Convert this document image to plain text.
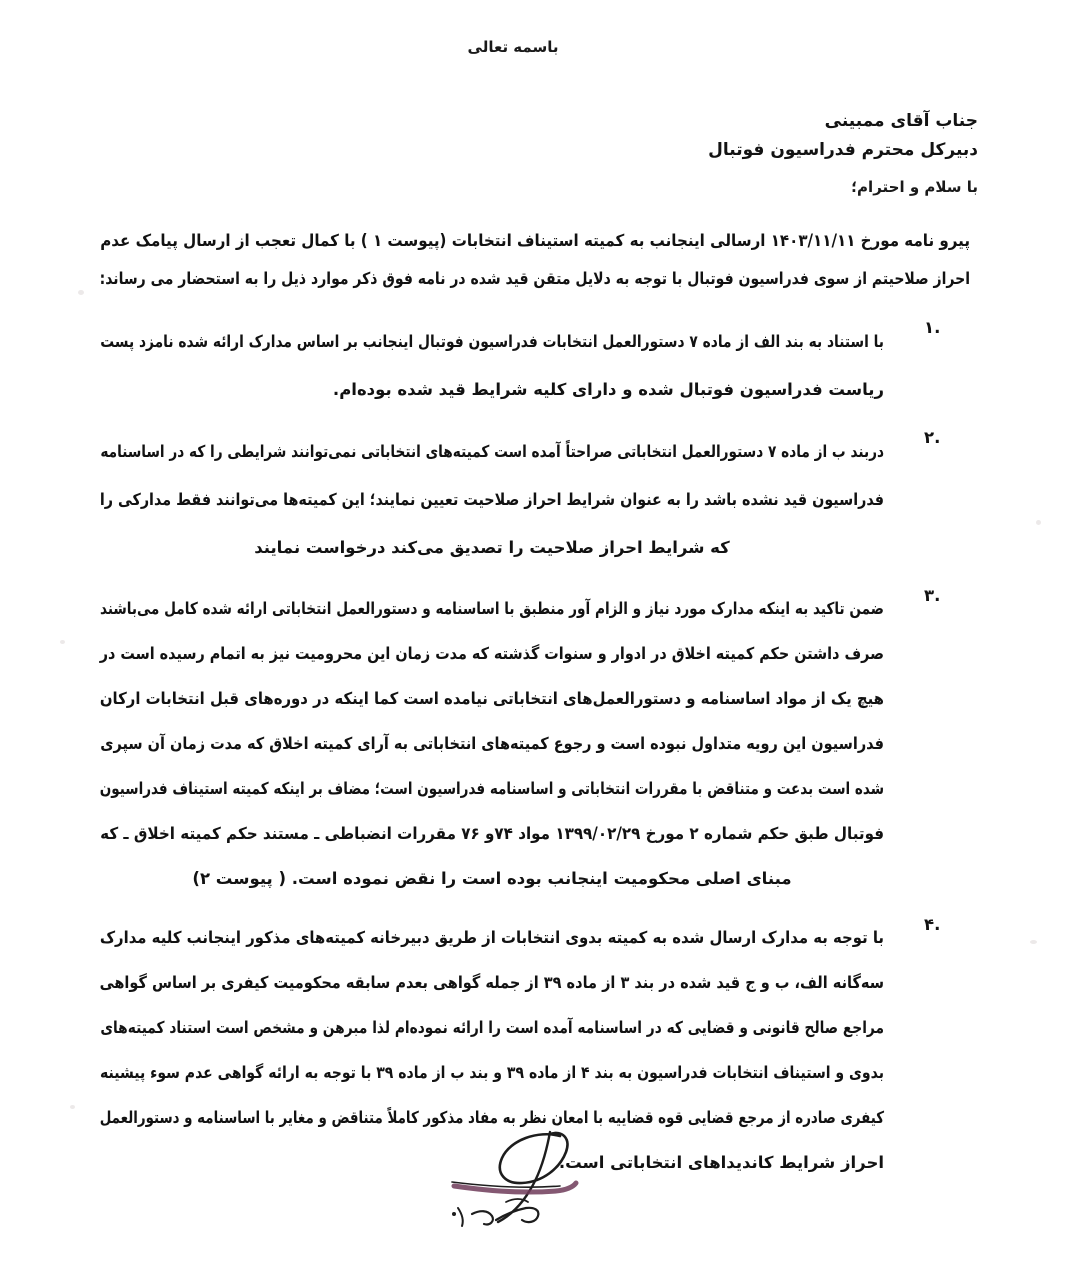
باسمه تعالی
جناب آقای ممبینی
دبیرکل محترم فدراسیون فوتبال
با سلام و احترام؛

پیرو نامه مورخ ۱۴۰۳/۱۱/۱۱ ارسالی اینجانب به کمیته استیناف انتخابات (پیوست ۱ ) با کمال تعجب از ارسال پیامک عدم احراز صلاحیتم از سوی فدراسیون فوتبال با توجه به دلایل متقن قید شده در نامه فوق ذکر موارد ذیل را به استحضار می رساند:

۱.
با استناد به بند الف از ماده ۷ دستورالعمل انتخابات فدراسیون فوتبال اینجانب بر اساس مدارک ارائه شده نامزد پست
ریاست فدراسیون فوتبال شده و دارای کلیه شرایط قید شده بوده‌ام.
۲.
دربند ب از ماده ۷ دستورالعمل انتخاباتی صراحتاً آمده است کمیته‌های انتخاباتی نمی‌توانند شرایطی را که در اساسنامه فدراسیون قید نشده باشد را به عنوان شرایط احراز صلاحیت تعیین نمایند؛ این کمیته‌ها می‌توانند فقط مدارکی را
که شرایط احراز صلاحیت را تصدیق می‌کند درخواست نمایند
۳.
ضمن تاکید به اینکه مدارک مورد نیاز و الزام آور منطبق با اساسنامه و دستورالعمل انتخاباتی ارائه شده کامل می‌باشند صرف داشتن حکم کمیته اخلاق در ادوار و سنوات گذشته که مدت زمان این محرومیت نیز به اتمام رسیده است در هیچ یک از مواد اساسنامه و دستورالعمل‌های انتخاباتی نیامده است کما اینکه در دوره‌های قبل انتخابات ارکان فدراسیون این رویه متداول نبوده است و رجوع کمیته‌های انتخاباتی به آرای کمیته اخلاق که مدت زمان آن سپری شده است بدعت و متناقض با مقررات انتخاباتی و اساسنامه فدراسیون است؛ مضاف بر اینکه کمیته استیناف فدراسیون فوتبال طبق حکم شماره ۲ مورخ ۱۳۹۹/۰۲/۲۹ مواد ۷۴و ۷۶ مقررات انضباطی ـ مستند حکم کمیته اخلاق ـ که
مبنای اصلی محکومیت اینجانب بوده است را نقض نموده است. ( پیوست ۲)
۴.
با توجه به مدارک ارسال شده به کمیته بدوی انتخابات از طریق دبیرخانه کمیته‌های مذکور اینجانب کلیه مدارک سه‌گانه الف، ب و ج قید شده در بند ۳ از ماده ۳۹ از جمله گواهی بعدم سابقه محکومیت کیفری بر اساس گواهی مراجع صالح قانونی و قضایی که در اساسنامه آمده است را ارائه نموده‌ام لذا مبرهن و مشخص است استناد کمیته‌های بدوی و استیناف انتخابات فدراسیون به بند ۴ از ماده ۳۹ و بند ب از ماده ۳۹ با توجه به ارائه گواهی عدم سوء پیشینه کیفری صادره از مرجع قضایی قوه قضاییه با امعان نظر به مفاد مذکور کاملاً متناقض و مغایر با اساسنامه و دستورالعمل
احراز شرایط کاندیداهای انتخاباتی است.
